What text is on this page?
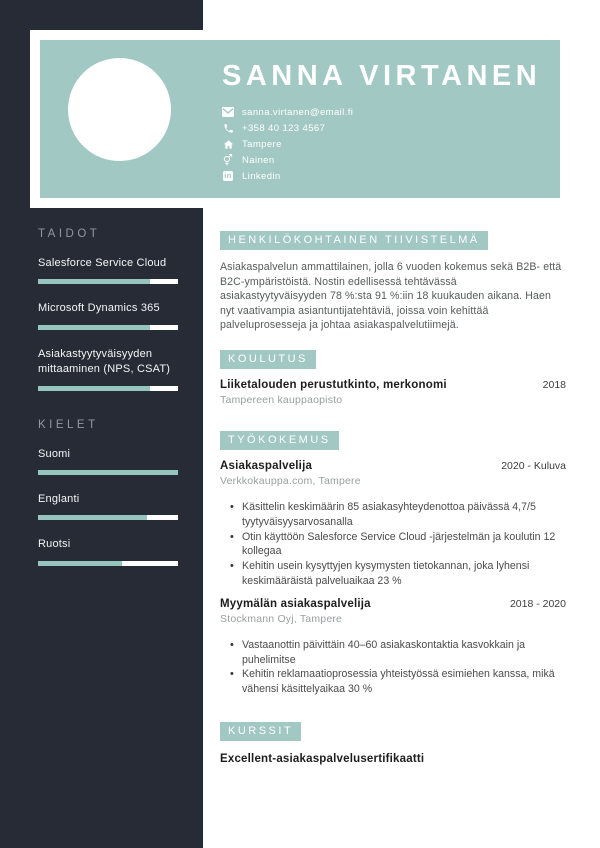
SANNA VIRTANEN
sanna.virtanen@email.fi
+358 40 123 4567
Tampere
⚥
Nainen
in Linkedin
TAIDOT
Salesforce Service Cloud
Microsoft Dynamics 365
Asiakastyytyväisyyden mittaaminen (NPS, CSAT)
KIELET
Suomi
Englanti
Ruotsi
HENKILÖKOHTAINEN TIIVISTELMÄ

Asiakaspalvelun ammattilainen, jolla 6 vuoden kokemus sekä B2B- että B2C-ympäristöistä. Nostin edellisessä tehtävässä asiakastyytyväisyyden 78 %:sta 91 %:iin 18 kuukauden aikana. Haen nyt vaativampia asiantuntijatehtäviä, joissa voin kehittää palveluprosesseja ja johtaa asiakaspalvelutiimejä.

KOULUTUS
Liiketalouden perustutkinto, merkonomi	2018
Tampereen kauppaopisto
TYÖKOKEMUS
Asiakaspalvelija	2020 - Kuluva
Verkkokauppa.com, Tampere
• Käsittelin keskimäärin 85 asiakasyhteydenottoa päivässä 4,7/5 tyytyväisyysarvosanalla
• Otin käyttöön Salesforce Service Cloud -järjestelmän ja koulutin 12 kollegaa
• Kehitin usein kysyttyjen kysymysten tietokannan, joka lyhensi keskimääräistä palveluaikaa 23 %
Myymälän asiakaspalvelija	2018 - 2020
Stockmann Oyj, Tampere
• Vastaanottin päivittäin 40–60 asiakaskontaktia kasvokkain ja puhelimitse
• Kehitin reklamaatioprosessia yhteistyössä esimiehen kanssa, mikä vähensi käsittelyaikaa 30 %
KURSSIT
Excellent-asiakaspalvelusertifikaatti
